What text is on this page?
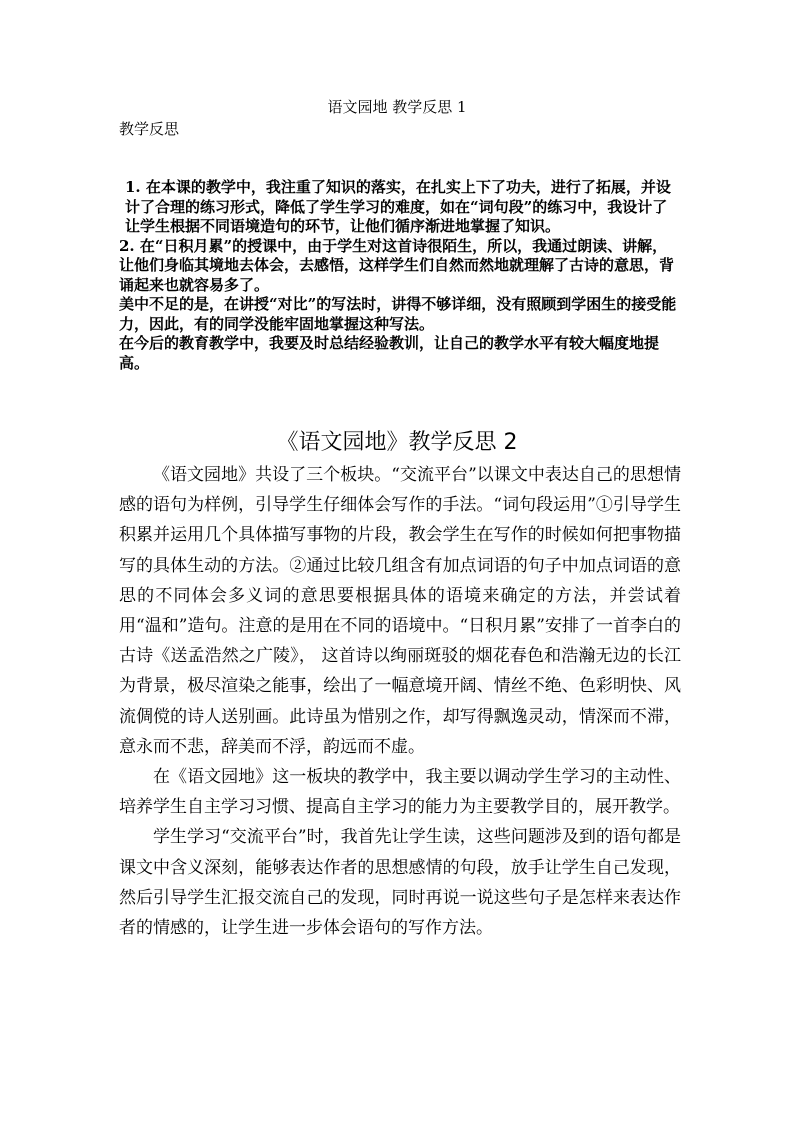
语文园地 教学反思 1
教学反思

1. 在本课的教学中，我注重了知识的落实，在扎实上下了功夫，进行了拓展，并设计了合理的练习形式，降低了学生学习的难度，如在“词句段”的练习中，我设计了让学生根据不同语境造句的环节，让他们循序渐进地掌握了知识。

2. 在“日积月累”的授课中，由于学生对这首诗很陌生，所以，我通过朗读、讲解，让他们身临其境地去体会，去感悟，这样学生们自然而然地就理解了古诗的意思，背诵起来也就容易多了。

美中不足的是，在讲授“对比”的写法时，讲得不够详细，没有照顾到学困生的接受能力，因此，有的同学没能牢固地掌握这种写法。

在今后的教育教学中，我要及时总结经验教训，让自己的教学水平有较大幅度地提高。

《语文园地》教学反思 2

《语文园地》共设了三个板块。“交流平台”以课文中表达自己的思想情感的语句为样例，引导学生仔细体会写作的手法。“词句段运用”①引导学生积累并运用几个具体描写事物的片段，教会学生在写作的时候如何把事物描写的具体生动的方法。②通过比较几组含有加点词语的句子中加点词语的意思的不同体会多义词的意思要根据具体的语境来确定的方法，并尝试着用“温和”造句。注意的是用在不同的语境中。“日积月累”安排了一首李白的古诗《送孟浩然之广陵》， 这首诗以绚丽斑驳的烟花春色和浩瀚无边的长江为背景，极尽渲染之能事，绘出了一幅意境开阔、情丝不绝、色彩明快、风流倜傥的诗人送别画。此诗虽为惜别之作，却写得飘逸灵动，情深而不滞，意永而不悲，辞美而不浮，韵远而不虚。

在《语文园地》这一板块的教学中，我主要以调动学生学习的主动性、培养学生自主学习习惯、提高自主学习的能力为主要教学目的，展开教学。

学生学习“交流平台”时，我首先让学生读，这些问题涉及到的语句都是课文中含义深刻，能够表达作者的思想感情的句段，放手让学生自己发现，然后引导学生汇报交流自己的发现，同时再说一说这些句子是怎样来表达作者的情感的，让学生进一步体会语句的写作方法。
